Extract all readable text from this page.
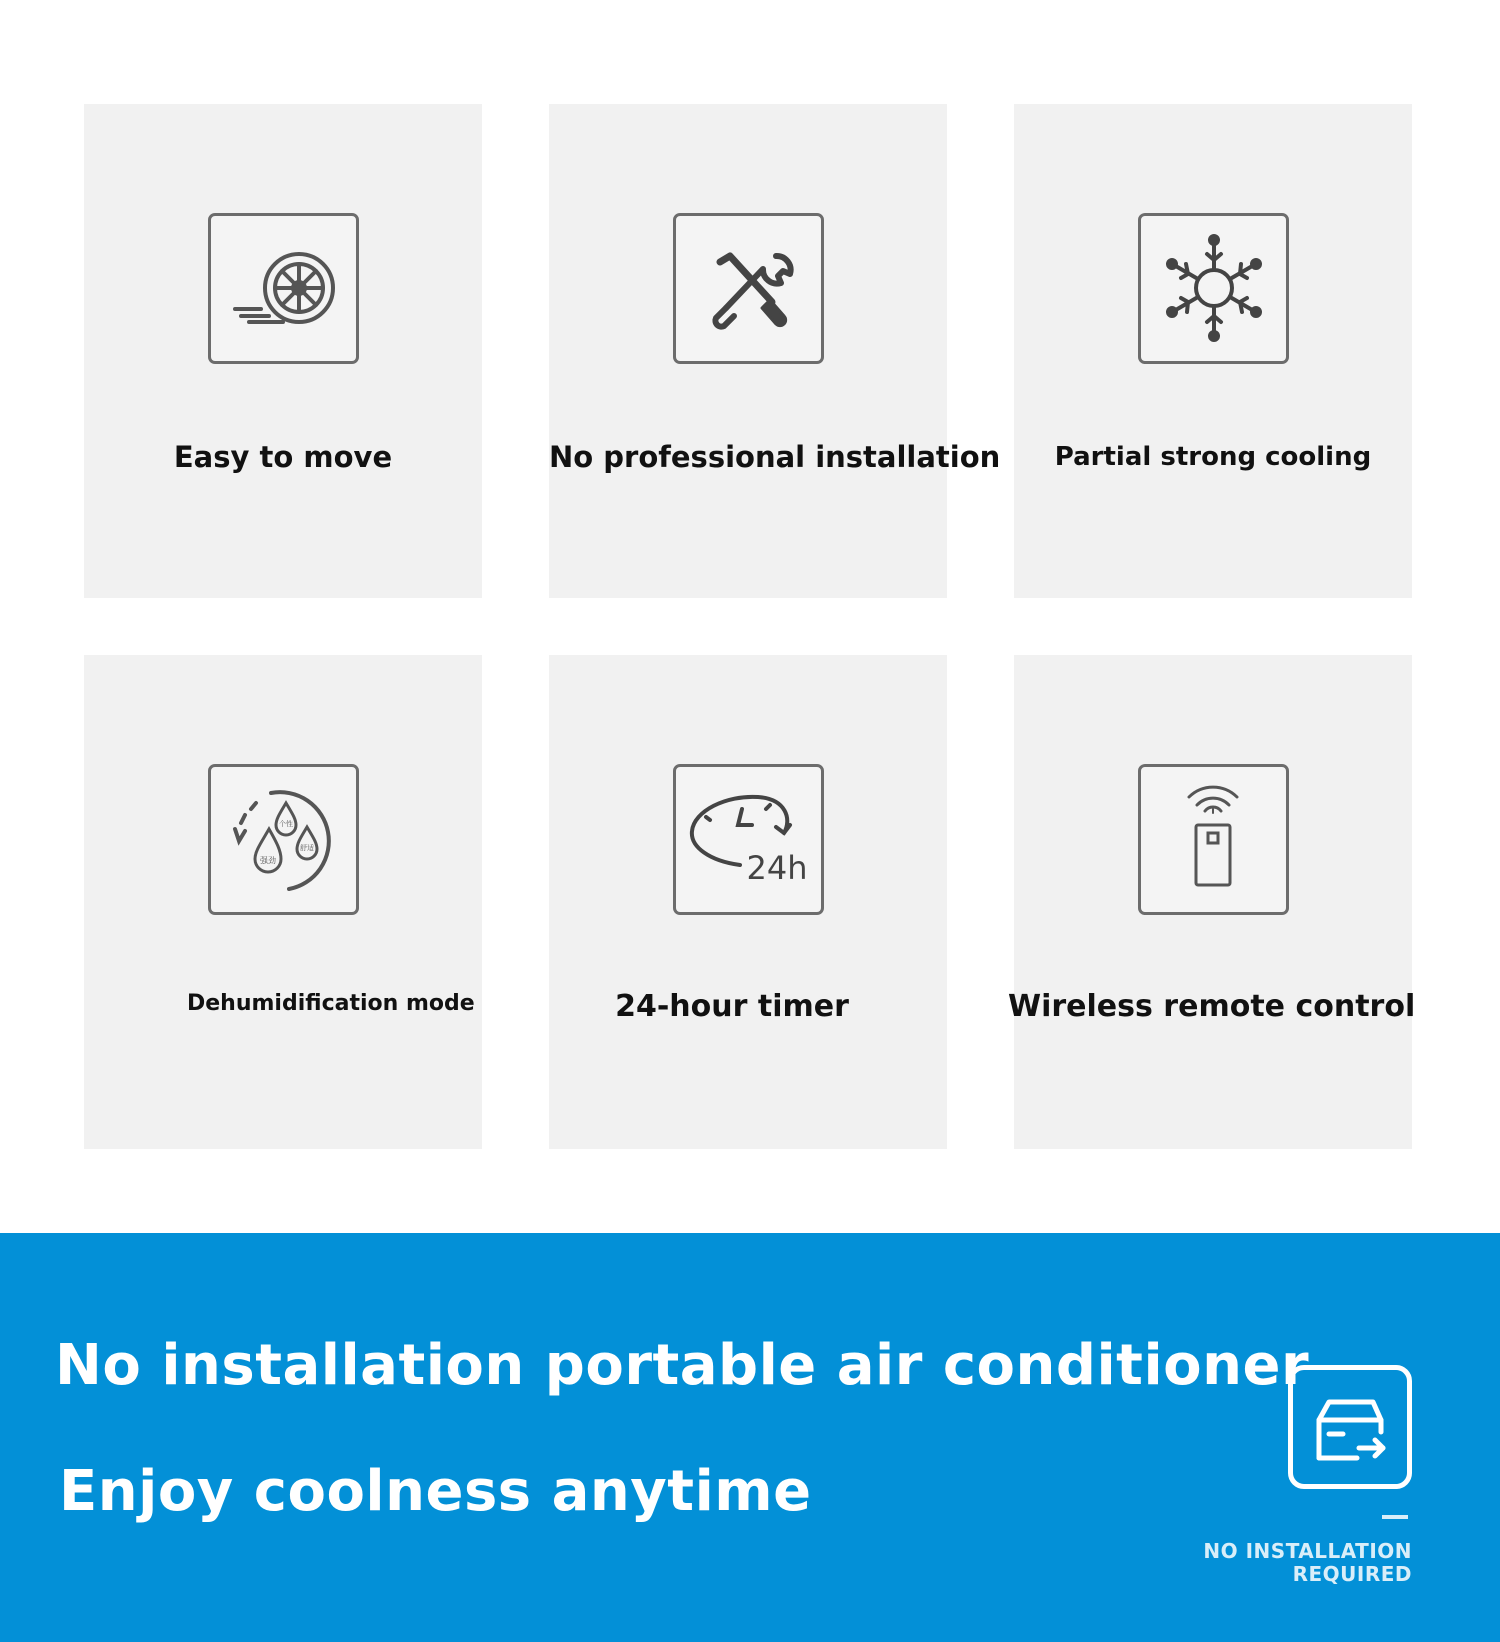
Easy to move	No professional installation	Partial strong cooling
个性
舒适
强劲
Dehumidification mode
24h
24-hour timer	Wireless remote control
No installation portable air conditioner
Enjoy coolness anytime
NO INSTALLATION
REQUIRED
